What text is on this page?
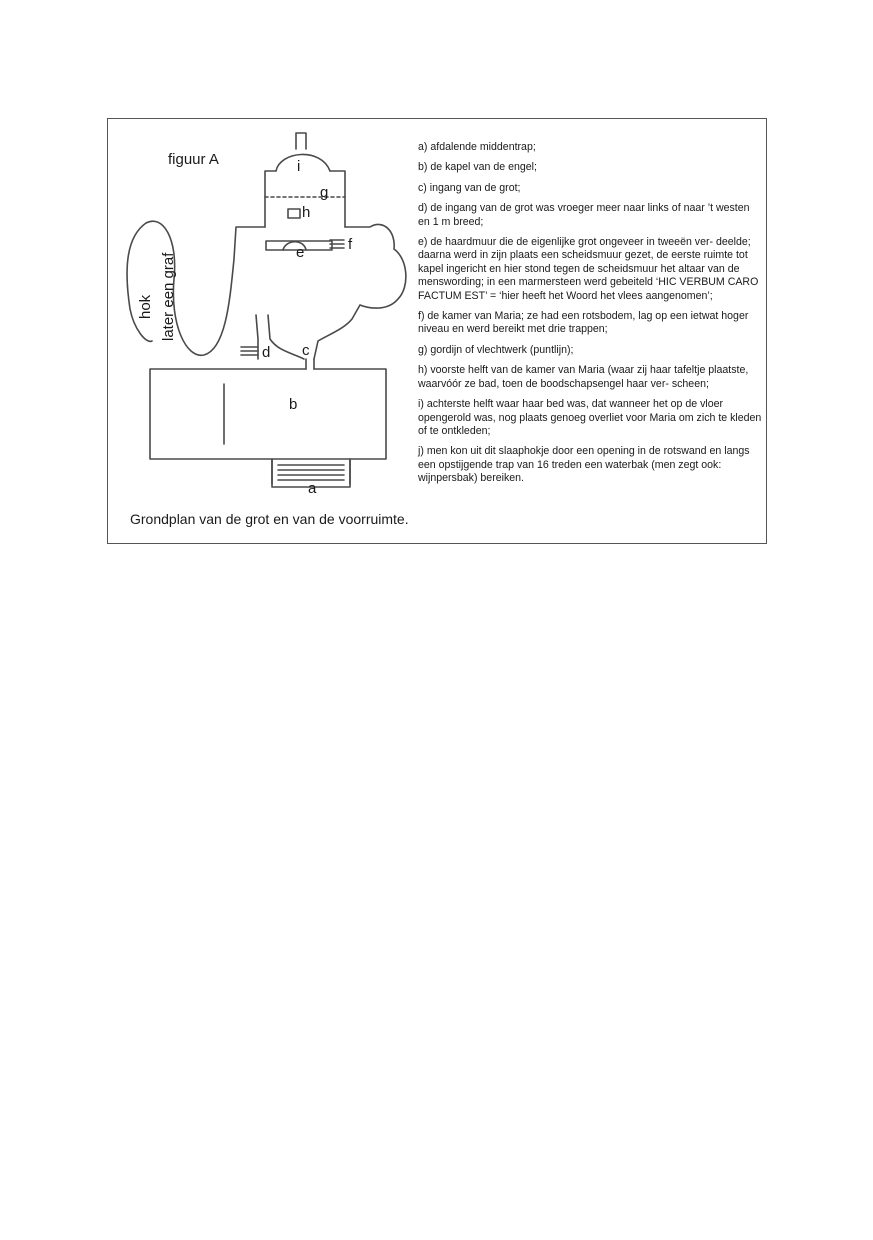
figuur A	i
g
h
e	f
d c
b
a
hok later een graf
Grondplan van de grot en van de voorruimte.
a) afdalende middentrap;
b) de kapel van de engel;
c) ingang van de grot;
d) de ingang van de grot was vroeger meer naar links of naar ’t westen en 1 m breed;
e) de haardmuur die de eigenlijke grot ongeveer in tweeën ver- deelde; daarna werd in zijn plaats een scheidsmuur gezet, de eerste ruimte tot kapel ingericht en hier stond tegen de scheidsmuur het altaar van de menswording; in een marmersteen werd gebeiteld ‘HIC VERBUM CARO FACTUM EST’ = ‘hier heeft het Woord het vlees aangenomen’;
f) de kamer van Maria; ze had een rotsbodem, lag op een ietwat hoger niveau en werd bereikt met drie trappen;
g) gordijn of vlechtwerk (puntlijn);
h) voorste helft van de kamer van Maria (waar zij haar tafeltje plaatste, waarvóór ze bad, toen de boodschapsengel haar ver- scheen;
i) achterste helft waar haar bed was, dat wanneer het op de vloer opengerold was, nog plaats genoeg overliet voor Maria om zich te kleden of te ontkleden;
j) men kon uit dit slaaphokje door een opening in de rotswand en langs een opstijgende trap van 16 treden een waterbak (men zegt ook: wijnpersbak) bereiken.
